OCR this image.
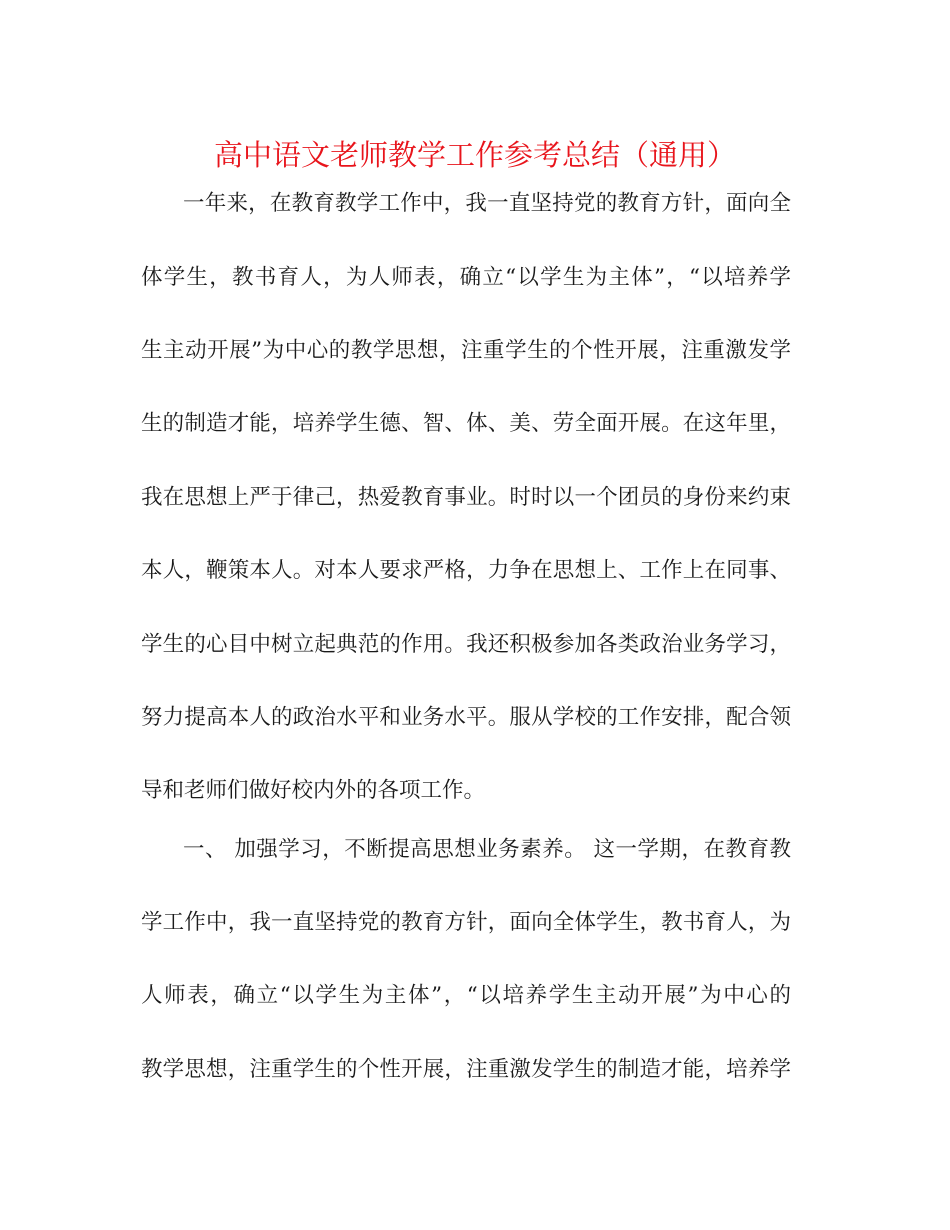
高中语文老师教学工作参考总结（通用）
一年来，在教育教学工作中，我一直坚持党的教育方针，面向全
体学生，教书育人，为人师表，确立“以学生为主体”，“以培养学
生主动开展”为中心的教学思想，注重学生的个性开展，注重激发学
生的制造才能，培养学生德、智、体、美、劳全面开展。在这年里，
我在思想上严于律己，热爱教育事业。时时以一个团员的身份来约束
本人，鞭策本人。对本人要求严格，力争在思想上、工作上在同事、
学生的心目中树立起典范的作用。我还积极参加各类政治业务学习，
努力提高本人的政治水平和业务水平。服从学校的工作安排，配合领
导和老师们做好校内外的各项工作。
一、 加强学习，不断提高思想业务素养。 这一学期，在教育教
学工作中，我一直坚持党的教育方针，面向全体学生，教书育人，为
人师表，确立“以学生为主体”，“以培养学生主动开展”为中心的
教学思想，注重学生的个性开展，注重激发学生的制造才能，培养学
